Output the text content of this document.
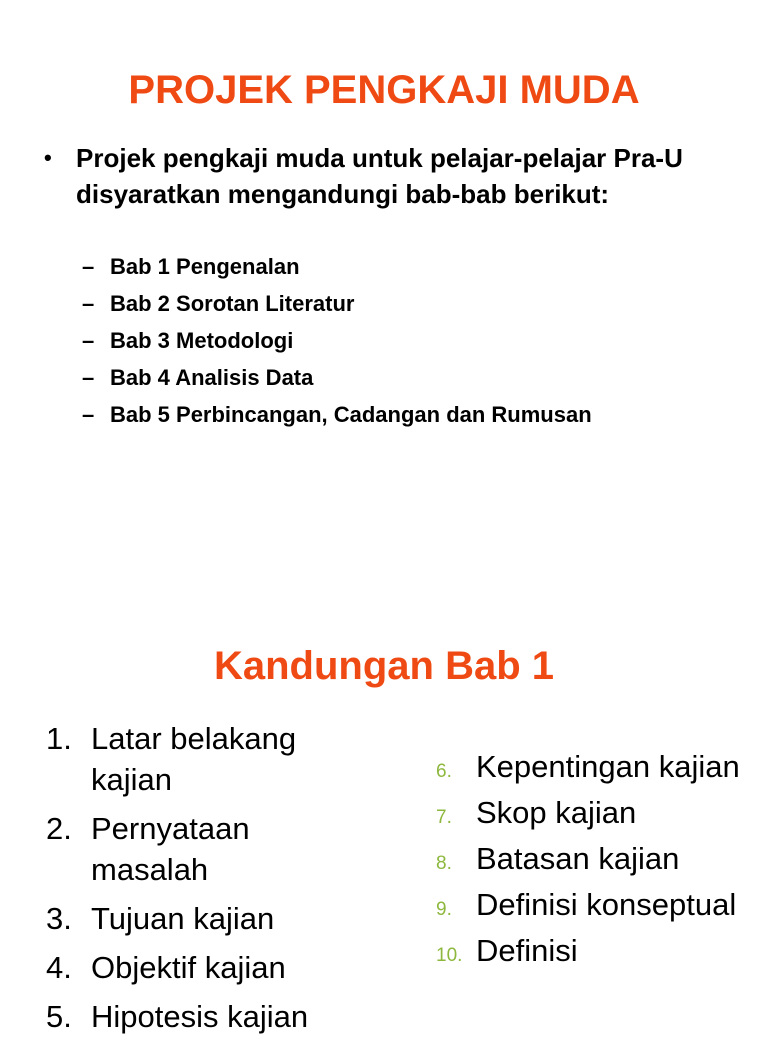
PROJEK PENGKAJI MUDA
• Projek pengkaji muda untuk pelajar-pelajar Pra-U disyaratkan mengandungi bab-bab berikut:
– Bab 1 Pengenalan
– Bab 2 Sorotan Literatur
– Bab 3 Metodologi
– Bab 4 Analisis Data
– Bab 5 Perbincangan, Cadangan dan Rumusan
Kandungan Bab 1
1. Latar belakang kajian
2. Pernyataan masalah
3. Tujuan kajian
4. Objektif kajian
5. Hipotesis kajian
6. Kepentingan kajian
7. Skop kajian
8. Batasan kajian
9. Definisi konseptual
10. Definisi
